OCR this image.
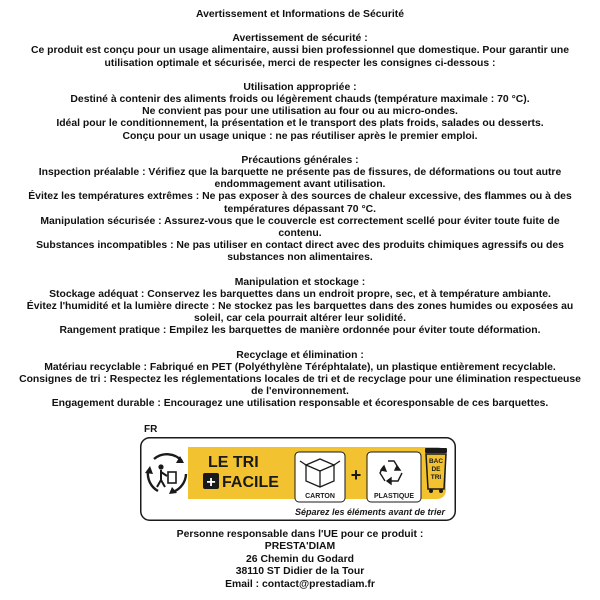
Avertissement et Informations de Sécurité

Avertissement de sécurité :

Ce produit est conçu pour un usage alimentaire, aussi bien professionnel que domestique. Pour garantir une

utilisation optimale et sécurisée, merci de respecter les consignes ci-dessous :

Utilisation appropriée :

Destiné à contenir des aliments froids ou légèrement chauds (température maximale : 70 °C).

Ne convient pas pour une utilisation au four ou au micro-ondes.

Idéal pour le conditionnement, la présentation et le transport des plats froids, salades ou desserts.

Conçu pour un usage unique : ne pas réutiliser après le premier emploi.

Précautions générales :

Inspection préalable : Vérifiez que la barquette ne présente pas de fissures, de déformations ou tout autre

endommagement avant utilisation.

Évitez les températures extrêmes : Ne pas exposer à des sources de chaleur excessive, des flammes ou à des

températures dépassant 70 °C.

Manipulation sécurisée : Assurez-vous que le couvercle est correctement scellé pour éviter toute fuite de

contenu.

Substances incompatibles : Ne pas utiliser en contact direct avec des produits chimiques agressifs ou des

substances non alimentaires.

Manipulation et stockage :

Stockage adéquat : Conservez les barquettes dans un endroit propre, sec, et à température ambiante.

Évitez l'humidité et la lumière directe : Ne stockez pas les barquettes dans des zones humides ou exposées au

soleil, car cela pourrait altérer leur solidité.

Rangement pratique : Empilez les barquettes de manière ordonnée pour éviter toute déformation.

Recyclage et élimination :

Matériau recyclable : Fabriqué en PET (Polyéthylène Téréphtalate), un plastique entièrement recyclable.

Consignes de tri : Respectez les réglementations locales de tri et de recyclage pour une élimination respectueuse

de l'environnement.

Engagement durable : Encouragez une utilisation responsable et écoresponsable de ces barquettes.

FR
LE TRI
+ FACILE
CARTON
+
PLASTIQUE
BAC
DE
TRI
Séparez les éléments avant de trier

Personne responsable dans l'UE pour ce produit :

PRESTA'DIAM

26 Chemin du Godard

38110 ST Didier de la Tour

Email : contact@prestadiam.fr
